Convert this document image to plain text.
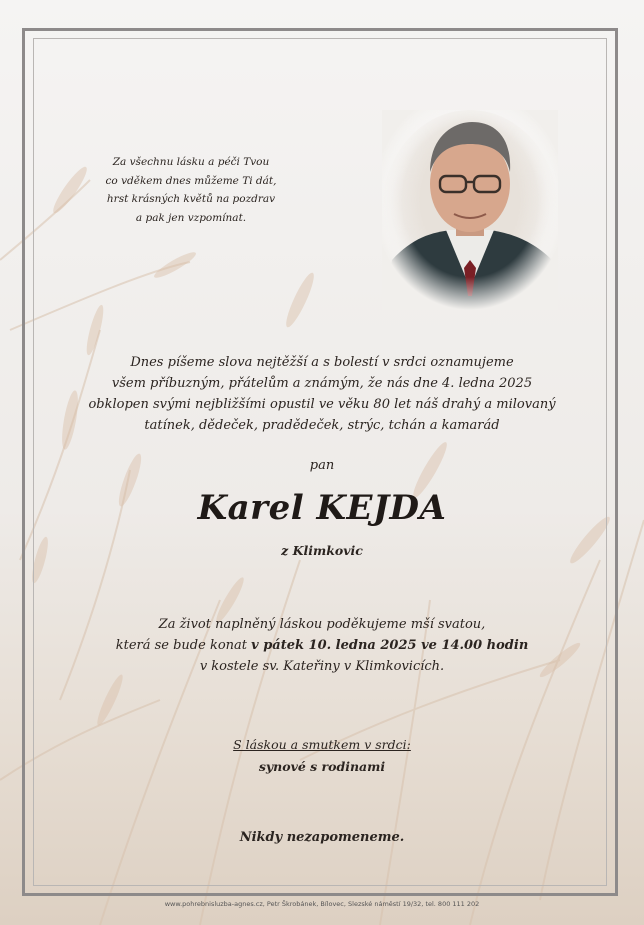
Za všechnu lásku a péči Tvou
co vděkem dnes můžeme Ti dát,
hrst krásných květů na pozdrav
a pak jen vzpomínat.
Dnes píšeme slova nejtěžší a s bolestí v srdci oznamujeme
všem příbuzným, přátelům a známým, že nás dne 4. ledna 2025
obklopen svými nejbližšími opustil ve věku 80 let náš drahý a milovaný
tatínek, dědeček, pradědeček, strýc, tchán a kamarád
pan
Karel KEJDA
z Klimkovic
Za život naplněný láskou poděkujeme mší svatou,
která se bude konat v pátek 10. ledna 2025 ve 14.00 hodin
v kostele sv. Kateřiny v Klimkovicích.
S láskou a smutkem v srdci:
synové s rodinami
Nikdy nezapomeneme.
www.pohrebnisluzba-agnes.cz, Petr Škrobánek, Bílovec, Slezské náměstí 19/32, tel. 800 111 202
